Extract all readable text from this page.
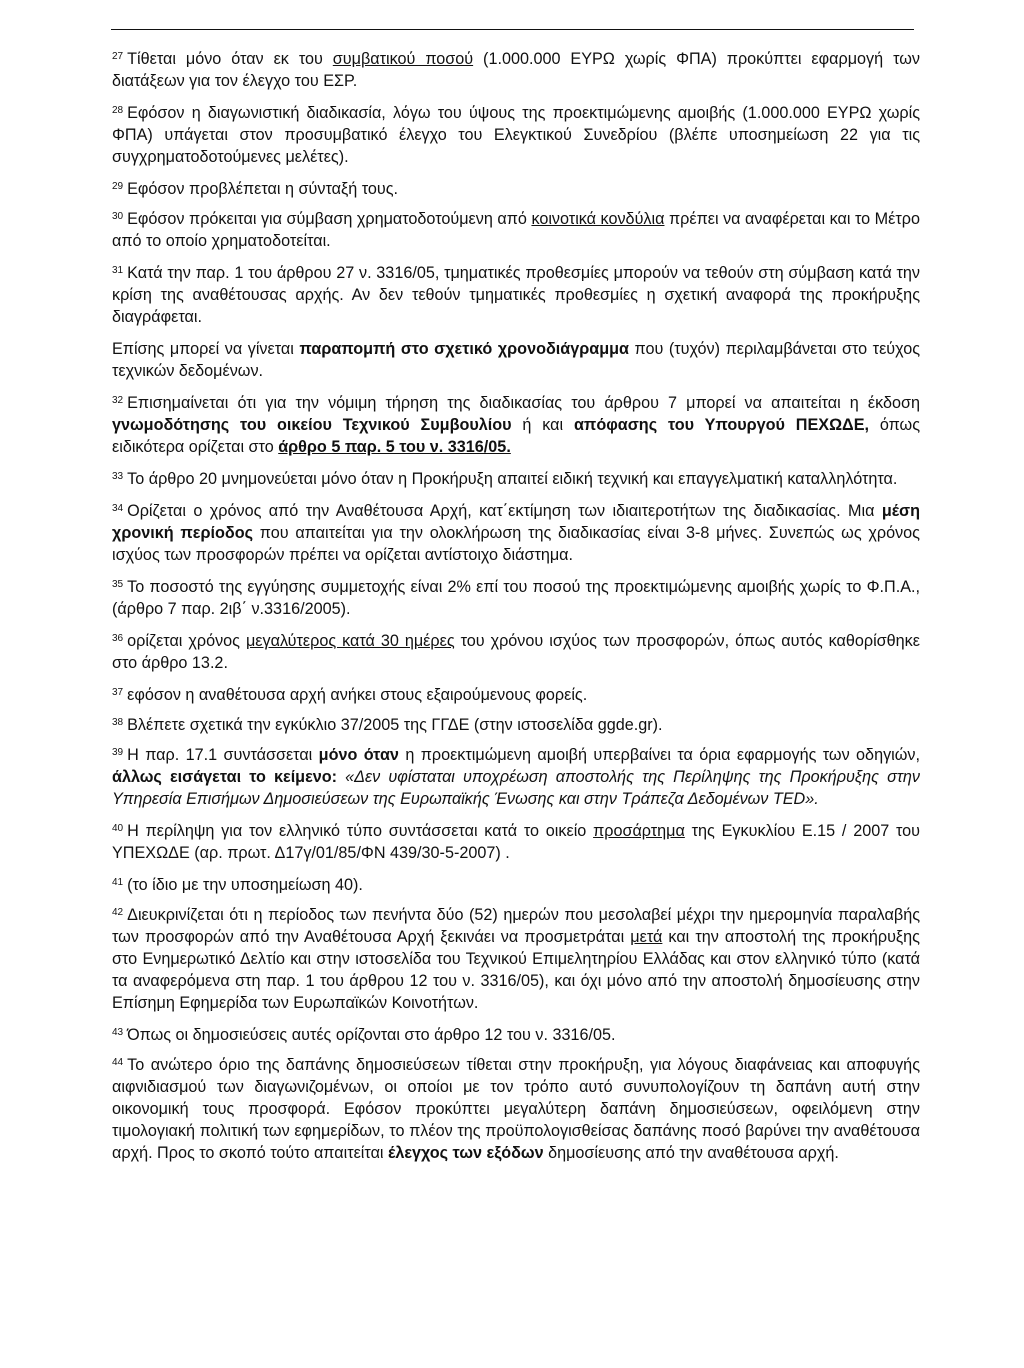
$^{27}$ Τίθεται μόνο όταν εκ του συμβατικού ποσού (1.000.000 ΕΥΡΩ χωρίς ΦΠΑ) προκύπτει εφαρμογή των διατάξεων για τον έλεγχο του ΕΣΡ.

$^{28}$ Εφόσον η διαγωνιστική διαδικασία, λόγω του ύψους της προεκτιμώμενης αμοιβής (1.000.000 ΕΥΡΩ χωρίς ΦΠΑ) υπάγεται στον προσυμβατικό έλεγχο του Ελεγκτικού Συνεδρίου (βλέπε υποσημείωση 22 για τις συγχρηματοδοτούμενες μελέτες).

$^{29}$ Εφόσον προβλέπεται η σύνταξή τους.

$^{30}$ Εφόσον πρόκειται για σύμβαση χρηματοδοτούμενη από κοινοτικά κονδύλια πρέπει να αναφέρεται και το Μέτρο από το οποίο χρηματοδοτείται.

$^{31}$ Κατά την παρ. 1 του άρθρου 27 ν. 3316/05, τμηματικές προθεσμίες μπορούν να τεθούν στη σύμβαση κατά την κρίση της αναθέτουσας αρχής. Αν δεν τεθούν τμηματικές προθεσμίες η σχετική αναφορά της προκήρυξης διαγράφεται.

Επίσης μπορεί να γίνεται παραπομπή στο σχετικό χρονοδιάγραμμα που (τυχόν) περιλαμβάνεται στο τεύχος τεχνικών δεδομένων.

$^{32}$ Επισημαίνεται ότι για την νόμιμη τήρηση της διαδικασίας του άρθρου 7 μπορεί να απαιτείται η έκδοση γνωμοδότησης του οικείου Τεχνικού Συμβουλίου ή και απόφασης του Υπουργού ΠΕΧΩΔΕ, όπως ειδικότερα ορίζεται στο άρθρο 5 παρ. 5 του ν. 3316/05.

$^{33}$ Το άρθρο 20 μνημονεύεται μόνο όταν η Προκήρυξη απαιτεί ειδική τεχνική και επαγγελματική καταλληλότητα.

$^{34}$ Ορίζεται ο χρόνος από την Αναθέτουσα Αρχή, κατ΄εκτίμηση των ιδιαιτεροτήτων της διαδικασίας. Μια μέση χρονική περίοδος που απαιτείται για την ολοκλήρωση της διαδικασίας είναι 3-8 μήνες. Συνεπώς ως χρόνος ισχύος των προσφορών πρέπει να ορίζεται αντίστοιχο διάστημα.

$^{35}$ Το ποσοστό της εγγύησης συμμετοχής είναι 2% επί του ποσού της προεκτιμώμενης αμοιβής χωρίς το Φ.Π.Α., (άρθρο 7 παρ. 2ιβ΄ ν.3316/2005).

$^{36}$ ορίζεται χρόνος μεγαλύτερος κατά 30 ημέρες του χρόνου ισχύος των προσφορών, όπως αυτός καθορίσθηκε στο άρθρο 13.2.

$^{37}$ εφόσον η αναθέτουσα αρχή ανήκει στους εξαιρούμενους φορείς.

$^{38}$ Βλέπετε σχετικά την εγκύκλιο 37/2005 της ΓΓΔΕ (στην ιστοσελίδα ggde.gr).

$^{39}$ Η παρ. 17.1 συντάσσεται μόνο όταν η προεκτιμώμενη αμοιβή υπερβαίνει τα όρια εφαρμογής των οδηγιών, άλλως εισάγεται το κείμενο: «Δεν υφίσταται υποχρέωση αποστολής της Περίληψης της Προκήρυξης στην Υπηρεσία Επισήμων Δημοσιεύσεων της Ευρωπαϊκής Ένωσης και στην Τράπεζα Δεδομένων TED».

$^{40}$ Η περίληψη για τον ελληνικό τύπο συντάσσεται κατά το οικείο προσάρτημα της Εγκυκλίου Ε.15 / 2007 του ΥΠΕΧΩΔΕ (αρ. πρωτ. Δ17γ/01/85/ΦΝ 439/30-5-2007) .

$^{41}$ (το ίδιο με την υποσημείωση 40).

$^{42}$ Διευκρινίζεται ότι η περίοδος των πενήντα δύο (52) ημερών που μεσολαβεί μέχρι την ημερομηνία παραλαβής των προσφορών από την Αναθέτουσα Αρχή ξεκινάει να προσμετράται μετά και την αποστολή της προκήρυξης στο Ενημερωτικό Δελτίο και στην ιστοσελίδα του Τεχνικού Επιμελητηρίου Ελλάδας και στον ελληνικό τύπο (κατά τα αναφερόμενα στη παρ. 1 του άρθρου 12 του ν. 3316/05), και όχι μόνο από την αποστολή δημοσίευσης στην Επίσημη Εφημερίδα των Ευρωπαϊκών Κοινοτήτων.

$^{43}$ Όπως οι δημοσιεύσεις αυτές ορίζονται στο άρθρο 12 του ν. 3316/05.

$^{44}$ Το ανώτερο όριο της δαπάνης δημοσιεύσεων τίθεται στην προκήρυξη, για λόγους διαφάνειας και αποφυγής αιφνιδιασμού των διαγωνιζομένων, οι οποίοι με τον τρόπο αυτό συνυπολογίζουν τη δαπάνη αυτή στην οικονομική τους προσφορά. Εφόσον προκύπτει μεγαλύτερη δαπάνη δημοσιεύσεων, οφειλόμενη στην τιμολογιακή πολιτική των εφημερίδων, το πλέον της προϋπολογισθείσας δαπάνης ποσό βαρύνει την αναθέτουσα αρχή. Προς το σκοπό τούτο απαιτείται έλεγχος των εξόδων δημοσίευσης από την αναθέτουσα αρχή.
